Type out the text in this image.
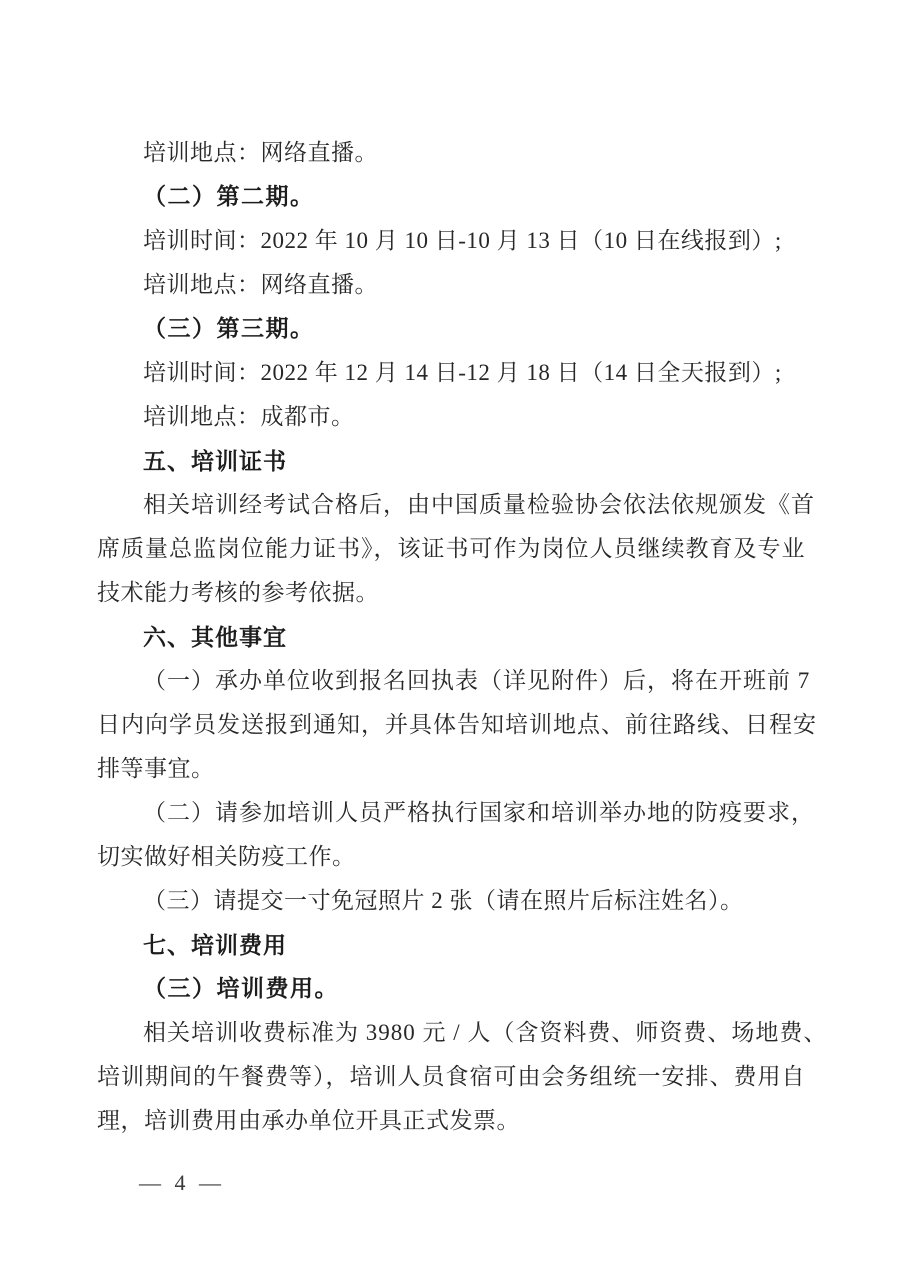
培训地点：网络直播。
（二）第二期。
培训时间：2022 年 10 月 10 日-10 月 13 日（10 日在线报到）;
培训地点：网络直播。
（三）第三期。
培训时间：2022 年 12 月 14 日-12 月 18 日（14 日全天报到）;
培训地点：成都市。
五、培训证书
相关培训经考试合格后，由中国质量检验协会依法依规颁发《首
席质量总监岗位能力证书》，该证书可作为岗位人员继续教育及专业
技术能力考核的参考依据。
六、其他事宜
（一）承办单位收到报名回执表（详见附件）后，将在开班前 7
日内向学员发送报到通知，并具体告知培训地点、前往路线、日程安
排等事宜。
（二）请参加培训人员严格执行国家和培训举办地的防疫要求，
切实做好相关防疫工作。
（三）请提交一寸免冠照片 2 张（请在照片后标注姓名）。
七、培训费用
（三）培训费用。
相关培训收费标准为 3980 元 / 人（含资料费、师资费、场地费、
培训期间的午餐费等），培训人员食宿可由会务组统一安排、费用自
理，培训费用由承办单位开具正式发票。
— 4 —
